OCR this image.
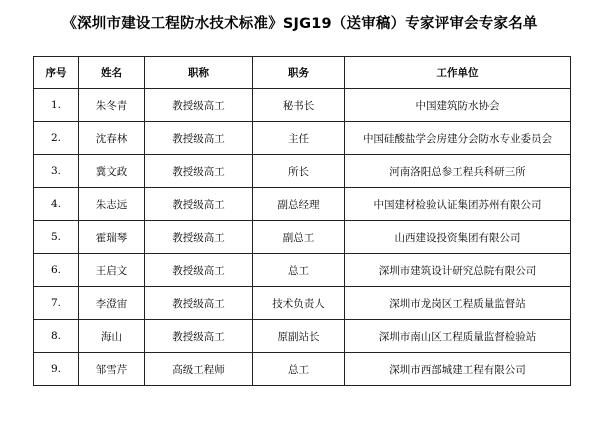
《深圳市建设工程防水技术标准》SJG19（送审稿）专家评审会专家名单
序号	姓名	职称	职务	工作单位
1.	朱冬青	教授级高工	秘书长	中国建筑防水协会
2.	沈春林	教授级高工	主任	中国硅酸盐学会房建分会防水专业委员会
3.	冀文政	教授级高工	所长	河南洛阳总参工程兵科研三所
4.	朱志远	教授级高工	副总经理	中国建材检验认证集团苏州有限公司
5.	霍瑞琴	教授级高工	副总工	山西建设投资集团有限公司
6.	王启文	教授级高工	总工	深圳市建筑设计研究总院有限公司
7.	李澄宙	教授级高工	技术负责人	深圳市龙岗区工程质量监督站
8.	海山	教授级高工	原副站长	深圳市南山区工程质量监督检验站
9.	邹雪芹	高级工程师	总工	深圳市西部城建工程有限公司
